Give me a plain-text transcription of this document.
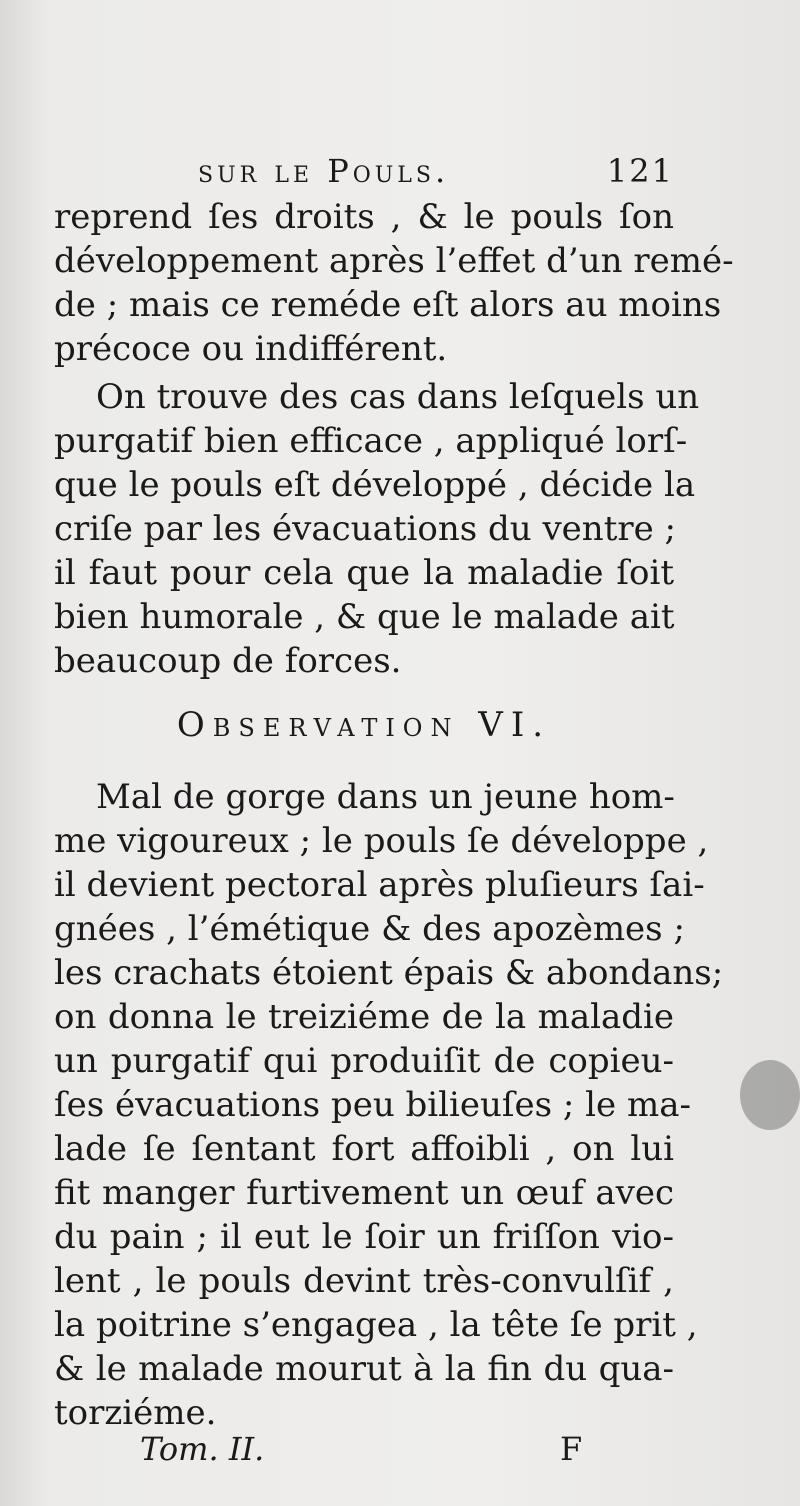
sur le Pouls.	121
reprend ſes droits , & le pouls ſon
développement après l’effet d’un remé-
de ; mais ce reméde eſt alors au moins
précoce ou indifférent.
On trouve des cas dans leſquels un
purgatif bien efficace , appliqué lorſ-
que le pouls eſt développé , décide la
criſe par les évacuations du ventre ;
il faut pour cela que la maladie ſoit
bien humorale , & que le malade ait
beaucoup de forces.
Observation VI.
Mal de gorge dans un jeune hom-
me vigoureux ; le pouls ſe développe ,
il devient pectoral après pluſieurs ſai-
gnées , l’émétique & des apozèmes ;
les crachats étoient épais & abondans;
on donna le treiziéme de la maladie
un purgatif qui produiſit de copieu-
ſes évacuations peu bilieuſes ; le ma-
lade ſe ſentant fort affoibli , on lui
fit manger furtivement un œuf avec
du pain ; il eut le ſoir un friſſon vio-
lent , le pouls devint très-convulſif ,
la poitrine s’engagea , la tête ſe prit ,
& le malade mourut à la fin du qua-
torziéme.
Tom. II.	F
